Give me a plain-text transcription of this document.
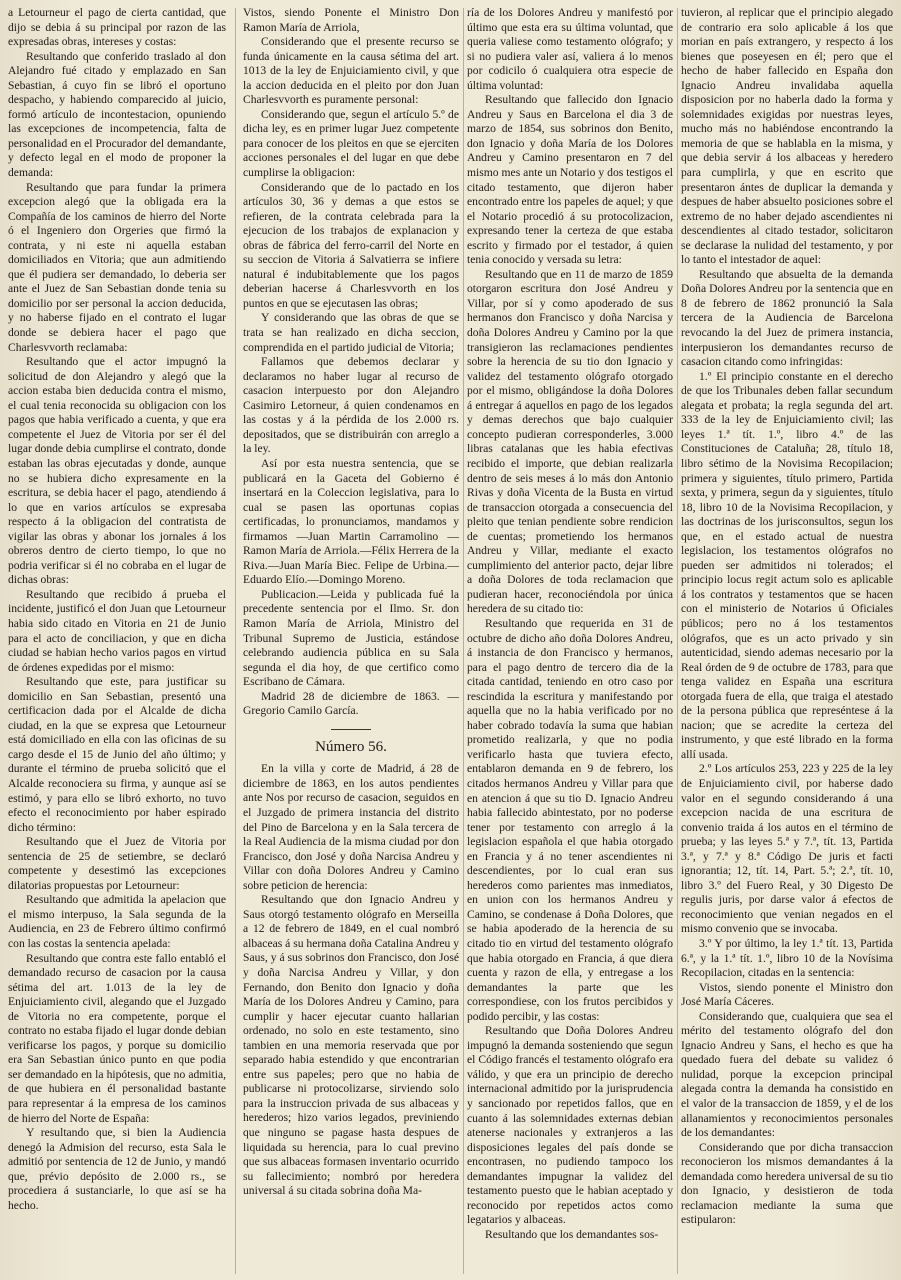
a Letourneur el pago de cierta cantidad, que dijo se debia á su principal por razon de las expresadas obras, intereses y costas:

Resultando que conferido traslado al don Alejandro fué citado y emplazado en San Sebastian, á cuyo fin se libró el oportuno despacho, y habiendo comparecido al juicio, formó artículo de incontestacion, opuniendo las excepciones de incompetencia, falta de personalidad en el Procurador del demandante, y defecto legal en el modo de proponer la demanda:

Resultando que para fundar la primera excepcion alegó que la obligada era la Compañía de los caminos de hierro del Norte ó el Ingeniero don Orgeries que firmó la contrata, y ni este ni aquella estaban domiciliados en Vitoria; que aun admitiendo que él pudiera ser demandado, lo deberia ser ante el Juez de San Sebastian donde tenia su domicilio por ser personal la accion deducida, y no haberse fijado en el contrato el lugar donde se debiera hacer el pago que Charlesvvorth reclamaba:

Resultando que el actor impugnó la solicitud de don Alejandro y alegó que la accion estaba bien deducida contra el mismo, el cual tenia reconocida su obligacion con los pagos que habia verificado a cuenta, y que era competente el Juez de Vitoria por ser él del lugar donde debia cumplirse el contrato, donde estaban las obras ejecutadas y donde, aunque no se hubiera dicho expresamente en la escritura, se debia hacer el pago, atendiendo á lo que en varios artículos se expresaba respecto á la obligacion del contratista de vigilar las obras y abonar los jornales á los obreros dentro de cierto tiempo, lo que no podria verificar si él no cobraba en el lugar de dichas obras:

Resultando que recibido á prueba el incidente, justificó el don Juan que Letourneur habia sido citado en Vitoria en 21 de Junio para el acto de conciliacion, y que en dicha ciudad se habian hecho varios pagos en virtud de órdenes expedidas por el mismo:

Resultando que este, para justificar su domicilio en San Sebastian, presentó una certificacion dada por el Alcalde de dicha ciudad, en la que se expresa que Letourneur está domiciliado en ella con las oficinas de su cargo desde el 15 de Junio del año último; y durante el término de prueba solicitó que el Alcalde reconociera su firma, y aunque así se estimó, y para ello se libró exhorto, no tuvo efecto el reconocimiento por haber espirado dicho término:

Resultando que el Juez de Vitoria por sentencia de 25 de setiembre, se declaró competente y desestimó las excepciones dilatorias propuestas por Letourneur:

Resultando que admitida la apelacion que el mismo interpuso, la Sala segunda de la Audiencia, en 23 de Febrero último confirmó con las costas la sentencia apelada:

Resultando que contra este fallo entabló el demandado recurso de casacion por la causa sétima del art. 1.013 de la ley de Enjuiciamiento civil, alegando que el Juzgado de Vitoria no era competente, porque el contrato no estaba fijado el lugar donde debian verificarse los pagos, y porque su domicilio era San Sebastian único punto en que podia ser demandado en la hipótesis, que no admitia, de que hubiera en él personalidad bastante para representar á la empresa de los caminos de hierro del Norte de España:

Y resultando que, si bien la Audiencia denegó la Admision del recurso, esta Sala le admitió por sentencia de 12 de Junio, y mandó que, prévio depósito de 2.000 rs., se procediera á sustanciarle, lo que así se ha hecho.

Vistos, siendo Ponente el Ministro Don Ramon María de Arriola,

Considerando que el presente recurso se funda únicamente en la causa sétima del art. 1013 de la ley de Enjuiciamiento civil, y que la accion deducida en el pleito por don Juan Charlesvvorth es puramente personal:

Considerando que, segun el artículo 5.º de dicha ley, es en primer lugar Juez competente para conocer de los pleitos en que se ejerciten acciones personales el del lugar en que debe cumplirse la obligacion:

Considerando que de lo pactado en los artículos 30, 36 y demas a que estos se refieren, de la contrata celebrada para la ejecucion de los trabajos de explanacion y obras de fábrica del ferro-carril del Norte en su seccion de Vitoria á Salvatierra se infiere natural é indubitablemente que los pagos deberian hacerse á Charlesvvorth en los puntos en que se ejecutasen las obras;

Y considerando que las obras de que se trata se han realizado en dicha seccion, comprendida en el partido judicial de Vitoria;

Fallamos que debemos declarar y declaramos no haber lugar al recurso de casacion interpuesto por don Alejandro Casimiro Letorneur, á quien condenamos en las costas y á la pérdida de los 2.000 rs. depositados, que se distribuirán con arreglo a la ley.

Así por esta nuestra sentencia, que se publicará en la Gaceta del Gobierno é insertará en la Coleccion legislativa, para lo cual se pasen las oportunas copias certificadas, lo pronunciamos, mandamos y firmamos —Juan Martin Carramolino —Ramon María de Arriola.—Félix Herrera de la Riva.—Juan María Biec. Felipe de Urbina.—Eduardo Elío.—Domingo Moreno.

Publicacion.—Leida y publicada fué la precedente sentencia por el Ilmo. Sr. don Ramon María de Arriola, Ministro del Tribunal Supremo de Justicia, estándose celebrando audiencia pública en su Sala segunda el dia hoy, de que certifico como Escribano de Cámara.

Madrid 28 de diciembre de 1863. —Gregorio Camilo García.

Número 56.

En la villa y corte de Madrid, á 28 de diciembre de 1863, en los autos pendientes ante Nos por recurso de casacion, seguidos en el Juzgado de primera instancia del distrito del Pino de Barcelona y en la Sala tercera de la Real Audiencia de la misma ciudad por don Francisco, don José y doña Narcisa Andreu y Villar con doña Dolores Andreu y Camino sobre peticion de herencia:

Resultando que don Ignacio Andreu y Saus otorgó testamento ológrafo en Merseilla a 12 de febrero de 1849, en el cual nombró albaceas á su hermana doña Catalina Andreu y Saus, y á sus sobrinos don Francisco, don José y doña Narcisa Andreu y Villar, y don Fernando, don Benito don Ignacio y doña María de los Dolores Andreu y Camino, para cumplir y hacer ejecutar cuanto hallarian ordenado, no solo en este testamento, sino tambien en una memoria reservada que por separado habia estendido y que encontrarian entre sus papeles; pero que no habia de publicarse ni protocolizarse, sirviendo solo para la instruccion privada de sus albaceas y herederos; hizo varios legados, previniendo que ninguno se pagase hasta despues de liquidada su herencia, para lo cual previno que sus albaceas formasen inventario ocurrido su fallecimiento; nombró por heredera universal á su citada sobrina doña Ma-

ría de los Dolores Andreu y manifestó por último que esta era su última voluntad, que queria valiese como testamento ológrafo; y si no pudiera valer así, valiera á lo menos por codicilo ó cualquiera otra especie de última voluntad:

Resultando que fallecido don Ignacio Andreu y Saus en Barcelona el dia 3 de marzo de 1854, sus sobrinos don Benito, don Ignacio y doña María de los Dolores Andreu y Camino presentaron en 7 del mismo mes ante un Notario y dos testigos el citado testamento, que dijeron haber encontrado entre los papeles de aquel; y que el Notario procedió á su protocolizacion, expresando tener la certeza de que estaba escrito y firmado por el testador, á quien tenia conocido y versada su letra:

Resultando que en 11 de marzo de 1859 otorgaron escritura don José Andreu y Villar, por sí y como apoderado de sus hermanos don Francisco y doña Narcisa y doña Dolores Andreu y Camino por la que transigieron las reclamaciones pendientes sobre la herencia de su tio don Ignacio y validez del testamento ológrafo otorgado por el mismo, obligándose la doña Dolores á entregar á aquellos en pago de los legados y demas derechos que bajo cualquier concepto pudieran corresponderles, 3.000 libras catalanas que les habia efectivas recibido el importe, que debian realizarla dentro de seis meses á lo más don Antonio Rivas y doña Vicenta de la Busta en virtud de transaccion otorgada a consecuencia del pleito que tenian pendiente sobre rendicion de cuentas; prometiendo los hermanos Andreu y Villar, mediante el exacto cumplimiento del anterior pacto, dejar libre a doña Dolores de toda reclamacion que pudieran hacer, reconociéndola por única heredera de su citado tio:

Resultando que requerida en 31 de octubre de dicho año doña Dolores Andreu, á instancia de don Francisco y hermanos, para el pago dentro de tercero dia de la citada cantidad, teniendo en otro caso por rescindida la escritura y manifestando por aquella que no la habia verificado por no haber cobrado todavía la suma que habian prometido realizarla, y que no podia verificarlo hasta que tuviera efecto, entablaron demanda en 9 de febrero, los citados hermanos Andreu y Villar para que en atencion á que su tio D. Ignacio Andreu habia fallecido abintestato, por no poderse tener por testamento con arreglo á la legislacion española el que habia otorgado en Francia y á no tener ascendientes ni descendientes, por lo cual eran sus herederos como parientes mas inmediatos, en union con los hermanos Andreu y Camino, se condenase á Doña Dolores, que se habia apoderado de la herencia de su citado tio en virtud del testamento ológrafo que habia otorgado en Francia, á que diera cuenta y razon de ella, y entregase a los demandantes la parte que les correspondiese, con los frutos percibidos y podido percibir, y las costas:

Resultando que Doña Dolores Andreu impugnó la demanda sosteniendo que segun el Código francés el testamento ológrafo era válido, y que era un principio de derecho internacional admitido por la jurisprudencia y sancionado por repetidos fallos, que en cuanto á las solemnidades externas debian atenerse nacionales y extranjeros a las disposiciones legales del país donde se encontrasen, no pudiendo tampoco los demandantes impugnar la validez del testamento puesto que le habian aceptado y reconocido por repetidos actos como legatarios y albaceas.

Resultando que los demandantes sos-

tuvieron, al replicar que el principio alegado de contrario era solo aplicable á los que morian en país extrangero, y respecto á los bienes que poseyesen en él; pero que el hecho de haber fallecido en España don Ignacio Andreu invalidaba aquella disposicion por no haberla dado la forma y solemnidades exigidas por nuestras leyes, mucho más no habiéndose encontrando la memoria de que se hablabla en la misma, y que debia servir á los albaceas y heredero para cumplirla, y que en escrito que presentaron ántes de duplicar la demanda y despues de haber absuelto posiciones sobre el extremo de no haber dejado ascendientes ni descendientes al citado testador, solicitaron se declarase la nulidad del testamento, y por lo tanto el intestador de aquel:

Resultando que absuelta de la demanda Doña Dolores Andreu por la sentencia que en 8 de febrero de 1862 pronunció la Sala tercera de la Audiencia de Barcelona revocando la del Juez de primera instancia, interpusieron los demandantes recurso de casacion citando como infringidas:

1.º El principio constante en el derecho de que los Tribunales deben fallar secundum alegata et probata; la regla segunda del art. 333 de la ley de Enjuiciamiento civil; las leyes 1.ª tít. 1.º, libro 4.º de las Constituciones de Cataluña; 28, título 18, libro sétimo de la Novisima Recopilacion; primera y siguientes, título primero, Partida sexta, y primera, segun da y siguientes, título 18, libro 10 de la Novisima Recopilacion, y las doctrinas de los jurisconsultos, segun los que, en el estado actual de nuestra legislacion, los testamentos ológrafos no pueden ser admitidos ni tolerados; el principio locus regit actum solo es aplicable á los contratos y testamentos que se hacen con el ministerio de Notarios ú Oficiales públicos; pero no á los testamentos ológrafos, que es un acto privado y sin autenticidad, siendo ademas necesario por la Real órden de 9 de octubre de 1783, para que tenga validez en España una escritura otorgada fuera de ella, que traiga el atestado de la persona pública que represéntese á la nacion; que se acredite la certeza del instrumento, y que esté librado en la forma allí usada.

2.º Los artículos 253, 223 y 225 de la ley de Enjuiciamiento civil, por haberse dado valor en el segundo considerando á una excepcion nacida de una escritura de convenio traida á los autos en el término de prueba; y las leyes 5.ª y 7.ª, tít. 13, Partida 3.ª, y 7.ª y 8.ª Código De juris et facti ignorantia; 12, tít. 14, Part. 5.ª; 2.ª, tít. 10, libro 3.º del Fuero Real, y 30 Digesto De regulis juris, por darse valor á efectos de reconocimiento que venian negados en el mismo convenio que se invocaba.

3.º Y por último, la ley 1.ª tít. 13, Partida 6.ª, y la 1.ª tít. 1.º, libro 10 de la Novísima Recopilacion, citadas en la sentencia:

Vistos, siendo ponente el Ministro don José María Cáceres.

Considerando que, cualquiera que sea el mérito del testamento ológrafo del don Ignacio Andreu y Sans, el hecho es que ha quedado fuera del debate su validez ó nulidad, porque la excepcion principal alegada contra la demanda ha consistido en el valor de la transaccion de 1859, y el de los allanamientos y reconocimientos personales de los demandantes:

Considerando que por dicha transaccion reconocieron los mismos demandantes á la demandada como heredera universal de su tio don Ignacio, y desistieron de toda reclamacion mediante la suma que estipularon:
